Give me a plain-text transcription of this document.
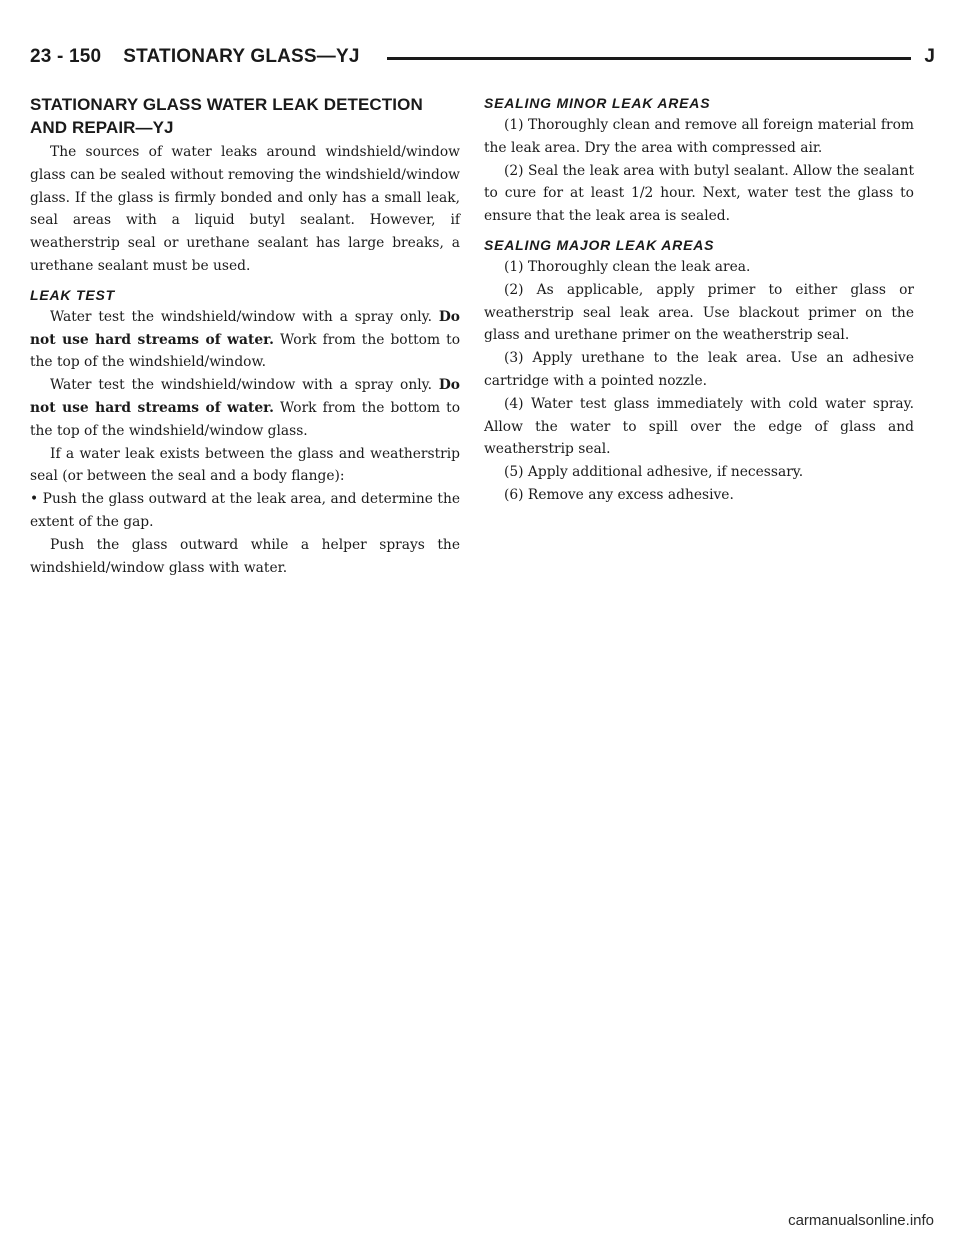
23 - 150    STATIONARY GLASS—YJ	J
STATIONARY GLASS WATER LEAK DETECTION
AND REPAIR—YJ

The sources of water leaks around windshield/window glass can be sealed without removing the windshield/window glass. If the glass is firmly bonded and only has a small leak, seal areas with a liquid butyl sealant. However, if weatherstrip seal or urethane sealant has large breaks, a urethane sealant must be used.

LEAK TEST

Water test the windshield/window with a spray only. Do not use hard streams of water. Work from the bottom to the top of the windshield/window.

Water test the windshield/window with a spray only. Do not use hard streams of water. Work from the bottom to the top of the windshield/window glass.

If a water leak exists between the glass and weatherstrip seal (or between the seal and a body flange):

• Push the glass outward at the leak area, and determine the extent of the gap.

Push the glass outward while a helper sprays the windshield/window glass with water.

SEALING MINOR LEAK AREAS

(1) Thoroughly clean and remove all foreign material from the leak area. Dry the area with compressed air.

(2) Seal the leak area with butyl sealant. Allow the sealant to cure for at least 1/2 hour. Next, water test the glass to ensure that the leak area is sealed.

SEALING MAJOR LEAK AREAS

(1) Thoroughly clean the leak area.

(2) As applicable, apply primer to either glass or weatherstrip seal leak area. Use blackout primer on the glass and urethane primer on the weatherstrip seal.

(3) Apply urethane to the leak area. Use an adhesive cartridge with a pointed nozzle.

(4) Water test glass immediately with cold water spray. Allow the water to spill over the edge of glass and weatherstrip seal.

(5) Apply additional adhesive, if necessary.

(6) Remove any excess adhesive.

carmanualsonline.info
